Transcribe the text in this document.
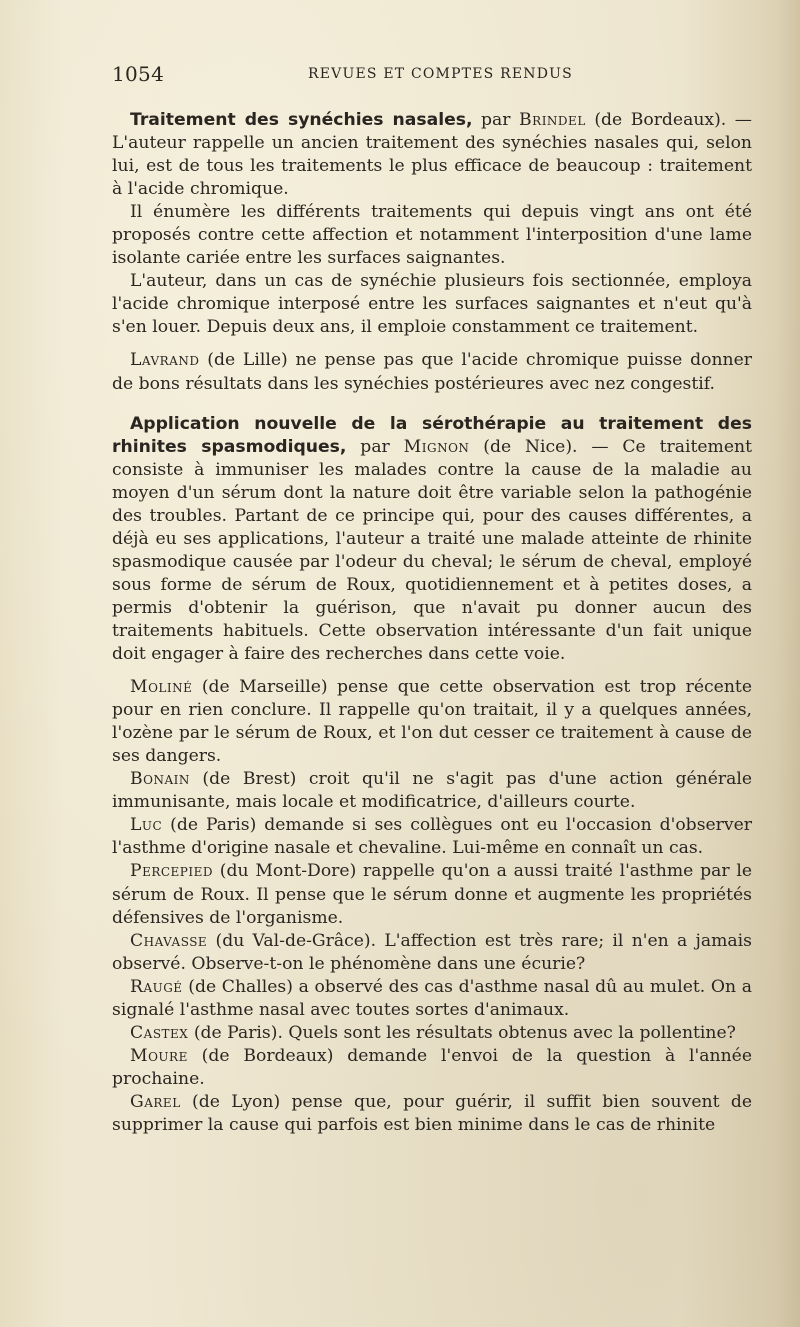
1054	REVUES ET COMPTES RENDUS

Traitement des synéchies nasales, par Brindel (de Bordeaux). — L'auteur rappelle un ancien traitement des synéchies nasales qui, selon lui, est de tous les traitements le plus efficace de beaucoup : traitement à l'acide chromique.

Il énumère les différents traitements qui depuis vingt ans ont été proposés contre cette affection et notamment l'interposition d'une lame isolante cariée entre les surfaces saignantes.

L'auteur, dans un cas de synéchie plusieurs fois sectionnée, employa l'acide chromique interposé entre les surfaces saignantes et n'eut qu'à s'en louer. Depuis deux ans, il emploie constamment ce traitement.

Lavrand (de Lille) ne pense pas que l'acide chromique puisse donner de bons résultats dans les synéchies postérieures avec nez congestif.

Application nouvelle de la sérothérapie au traitement des rhinites spasmodiques, par Mignon (de Nice). — Ce traitement consiste à immuniser les malades contre la cause de la maladie au moyen d'un sérum dont la nature doit être variable selon la pathogénie des troubles. Partant de ce principe qui, pour des causes différentes, a déjà eu ses applications, l'auteur a traité une malade atteinte de rhinite spasmodique causée par l'odeur du cheval; le sérum de cheval, employé sous forme de sérum de Roux, quotidiennement et à petites doses, a permis d'obtenir la guérison, que n'avait pu donner aucun des traitements habituels. Cette observation intéressante d'un fait unique doit engager à faire des recherches dans cette voie.

Moliné (de Marseille) pense que cette observation est trop récente pour en rien conclure. Il rappelle qu'on traitait, il y a quelques années, l'ozène par le sérum de Roux, et l'on dut cesser ce traitement à cause de ses dangers.

Bonain (de Brest) croit qu'il ne s'agit pas d'une action générale immunisante, mais locale et modificatrice, d'ailleurs courte.

Luc (de Paris) demande si ses collègues ont eu l'occasion d'observer l'asthme d'origine nasale et chevaline. Lui-même en connaît un cas.

Percepied (du Mont-Dore) rappelle qu'on a aussi traité l'asthme par le sérum de Roux. Il pense que le sérum donne et augmente les propriétés défensives de l'organisme.

Chavasse (du Val-de-Grâce). L'affection est très rare; il n'en a jamais observé. Observe-t-on le phénomène dans une écurie?

Raugé (de Challes) a observé des cas d'asthme nasal dû au mulet. On a signalé l'asthme nasal avec toutes sortes d'animaux.

Castex (de Paris). Quels sont les résultats obtenus avec la pollentine?

Moure (de Bordeaux) demande l'envoi de la question à l'année prochaine.

Garel (de Lyon) pense que, pour guérir, il suffit bien souvent de supprimer la cause qui parfois est bien minime dans le cas de rhinite
